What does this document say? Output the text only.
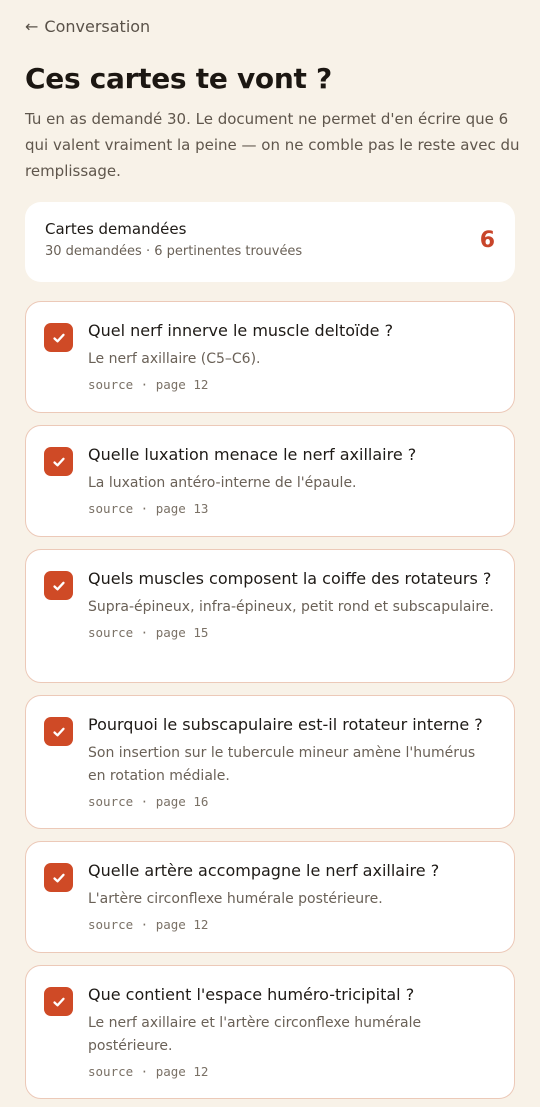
← Conversation
Ces cartes te vont ?

Tu en as demandé 30. Le document ne permet d'en écrire que 6 qui valent vraiment la peine — on ne comble pas le reste avec du remplissage.

Cartes demandées
30 demandées · 6 pertinentes trouvées	6
Quel nerf innerve le muscle deltoïde ?
Le nerf axillaire (C5–C6).
source · page 12
Quelle luxation menace le nerf axillaire ?
La luxation antéro-interne de l'épaule.
source · page 13
Quels muscles composent la coiffe des rotateurs ?
Supra-épineux, infra-épineux, petit rond et subscapulaire.
source · page 15
Pourquoi le subscapulaire est-il rotateur interne ?
Son insertion sur le tubercule mineur amène l'humérus en rotation médiale.
source · page 16
Quelle artère accompagne le nerf axillaire ?
L'artère circonflexe humérale postérieure.
source · page 12
Que contient l'espace huméro-tricipital ?
Le nerf axillaire et l'artère circonflexe humérale postérieure.
source · page 12
